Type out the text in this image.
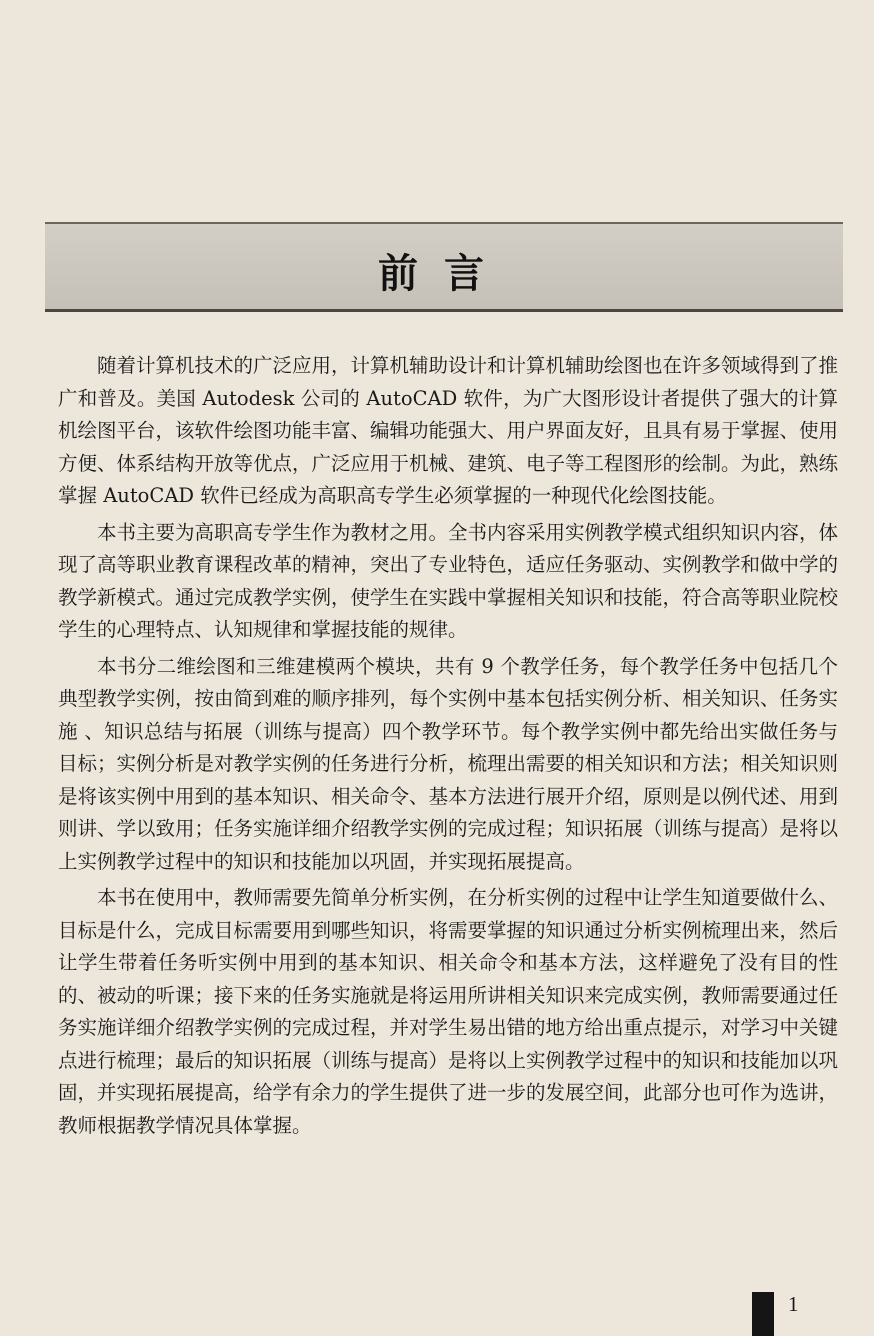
前言

随着计算机技术的广泛应用，计算机辅助设计和计算机辅助绘图也在许多领域得到了推广和普及。美国 Autodesk 公司的 AutoCAD 软件，为广大图形设计者提供了强大的计算机绘图平台，该软件绘图功能丰富、编辑功能强大、用户界面友好，且具有易于掌握、使用方便、体系结构开放等优点，广泛应用于机械、建筑、电子等工程图形的绘制。为此，熟练掌握 AutoCAD 软件已经成为高职高专学生必须掌握的一种现代化绘图技能。

本书主要为高职高专学生作为教材之用。全书内容采用实例教学模式组织知识内容，体现了高等职业教育课程改革的精神，突出了专业特色，适应任务驱动、实例教学和做中学的教学新模式。通过完成教学实例，使学生在实践中掌握相关知识和技能，符合高等职业院校学生的心理特点、认知规律和掌握技能的规律。

本书分二维绘图和三维建模两个模块，共有 9 个教学任务，每个教学任务中包括几个典型教学实例，按由简到难的顺序排列，每个实例中基本包括实例分析、相关知识、任务实施 、知识总结与拓展（训练与提高）四个教学环节。每个教学实例中都先给出实做任务与目标；实例分析是对教学实例的任务进行分析，梳理出需要的相关知识和方法；相关知识则是将该实例中用到的基本知识、相关命令、基本方法进行展开介绍，原则是以例代述、用到则讲、学以致用；任务实施详细介绍教学实例的完成过程；知识拓展（训练与提高）是将以上实例教学过程中的知识和技能加以巩固，并实现拓展提高。

本书在使用中，教师需要先简单分析实例，在分析实例的过程中让学生知道要做什么、目标是什么，完成目标需要用到哪些知识，将需要掌握的知识通过分析实例梳理出来，然后让学生带着任务听实例中用到的基本知识、相关命令和基本方法，这样避免了没有目的性的、被动的听课；接下来的任务实施就是将运用所讲相关知识来完成实例，教师需要通过任务实施详细介绍教学实例的完成过程，并对学生易出错的地方给出重点提示，对学习中关键点进行梳理；最后的知识拓展（训练与提高）是将以上实例教学过程中的知识和技能加以巩固，并实现拓展提高，给学有余力的学生提供了进一步的发展空间，此部分也可作为选讲，教师根据教学情况具体掌握。

1
